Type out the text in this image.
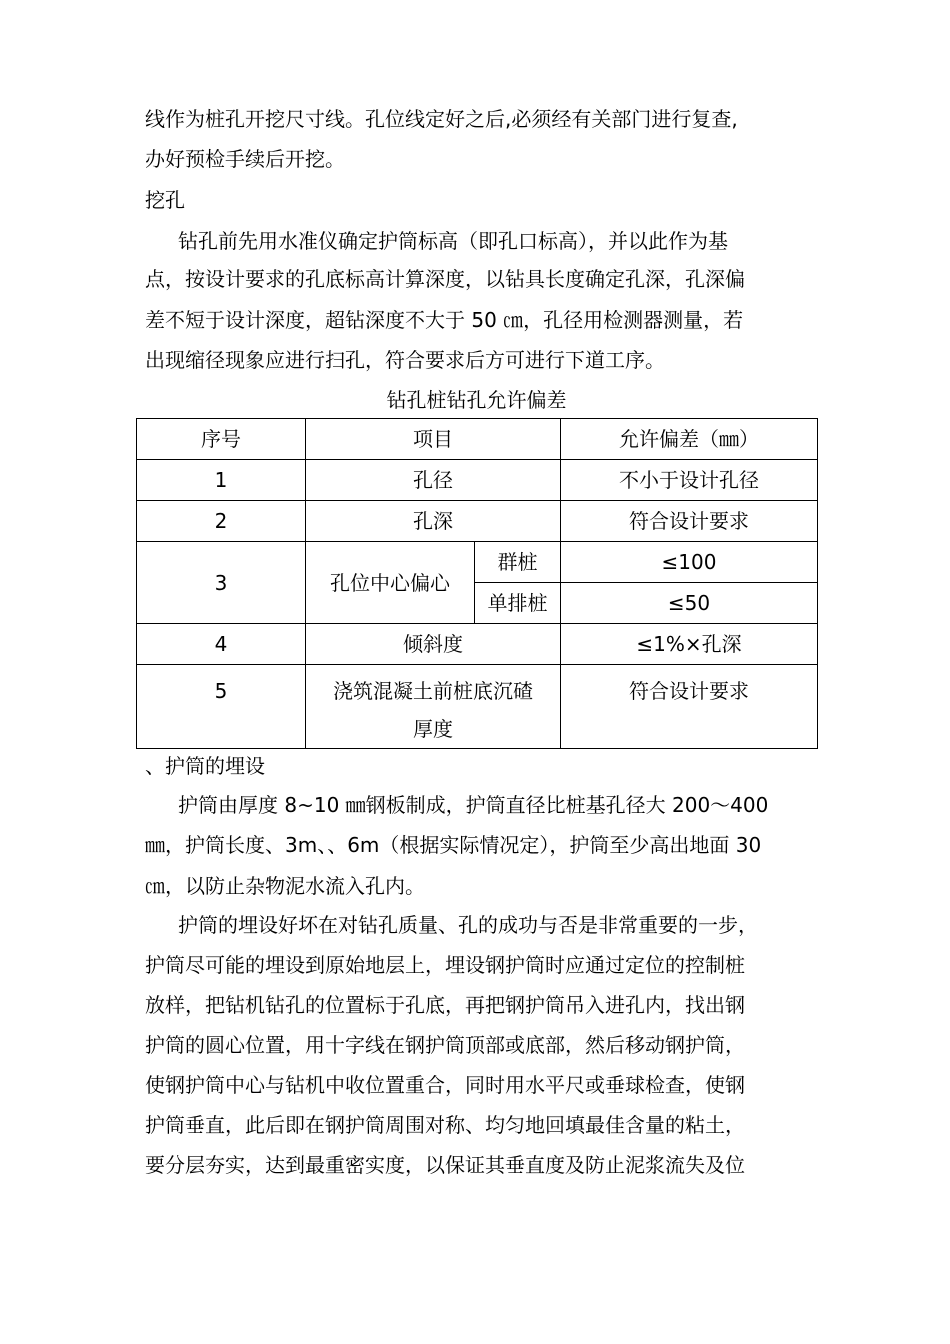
线作为桩孔开挖尺寸线。孔位线定好之后,必须经有关部门进行复查,
办好预检手续后开挖。
挖孔
钻孔前先用水准仪确定护筒标高（即孔口标高），并以此作为基
点，按设计要求的孔底标高计算深度，以钻具长度确定孔深，孔深偏
差不短于设计深度，超钻深度不大于 50 ㎝，孔径用检测器测量，若
出现缩径现象应进行扫孔，符合要求后方可进行下道工序。
钻孔桩钻孔允许偏差
序号	项目		允许偏差（㎜）
1	孔径		不小于设计孔径
2	孔深		符合设计要求
3	孔位中心偏心	群桩	≤100
		单排桩	≤50
4	倾斜度		≤1%×孔深
5	浇筑混凝土前桩底沉碴
厚度		符合设计要求
、护筒的埋设
护筒由厚度 8~10 ㎜钢板制成，护筒直径比桩基孔径大 200～400
㎜，护筒长度、3m、、6m（根据实际情况定），护筒至少高出地面 30
㎝，以防止杂物泥水流入孔内。
护筒的埋设好坏在对钻孔质量、孔的成功与否是非常重要的一步，
护筒尽可能的埋设到原始地层上，埋设钢护筒时应通过定位的控制桩
放样，把钻机钻孔的位置标于孔底，再把钢护筒吊入进孔内，找出钢
护筒的圆心位置，用十字线在钢护筒顶部或底部，然后移动钢护筒，
使钢护筒中心与钻机中收位置重合，同时用水平尺或垂球检查，使钢
护筒垂直，此后即在钢护筒周围对称、均匀地回填最佳含量的粘土，
要分层夯实，达到最重密实度，以保证其垂直度及防止泥浆流失及位
